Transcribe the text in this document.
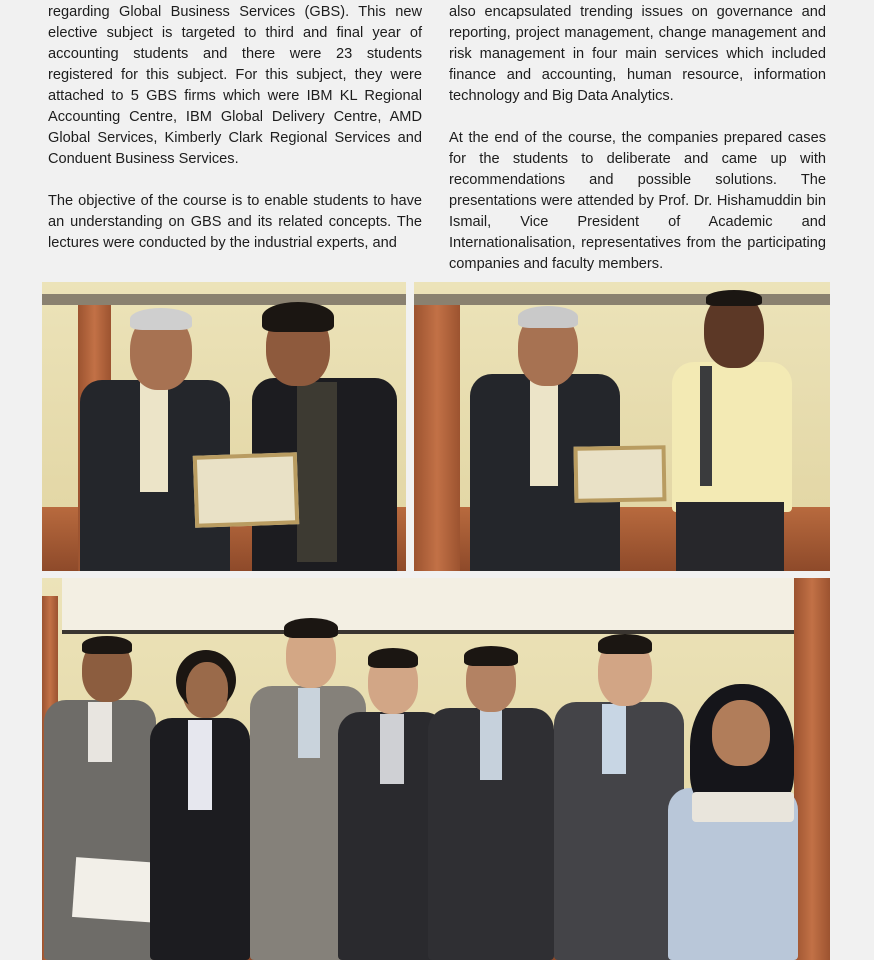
regarding Global Business Services (GBS). This new elective subject is targeted to third and final year of accounting students and there were 23 students registered for this subject. For this subject, they were attached to 5 GBS firms which were IBM KL Regional Accounting Centre, IBM Global Delivery Centre, AMD Global Services, Kimberly Clark Regional Services and Conduent Business Services.

The objective of the course is to enable students to have an understanding on GBS and its related concepts. The lectures were conducted by the industrial experts, and

also encapsulated trending issues on governance and reporting, project management, change management and risk management in four main services which included finance and accounting, human resource, information technology and Big Data Analytics.

At the end of the course, the companies prepared cases for the students to deliberate and came up with recommendations and possible solutions. The presentations were attended by Prof. Dr. Hishamuddin bin Ismail, Vice President of Academic and Internationalisation, representatives from the participating companies and faculty members.
